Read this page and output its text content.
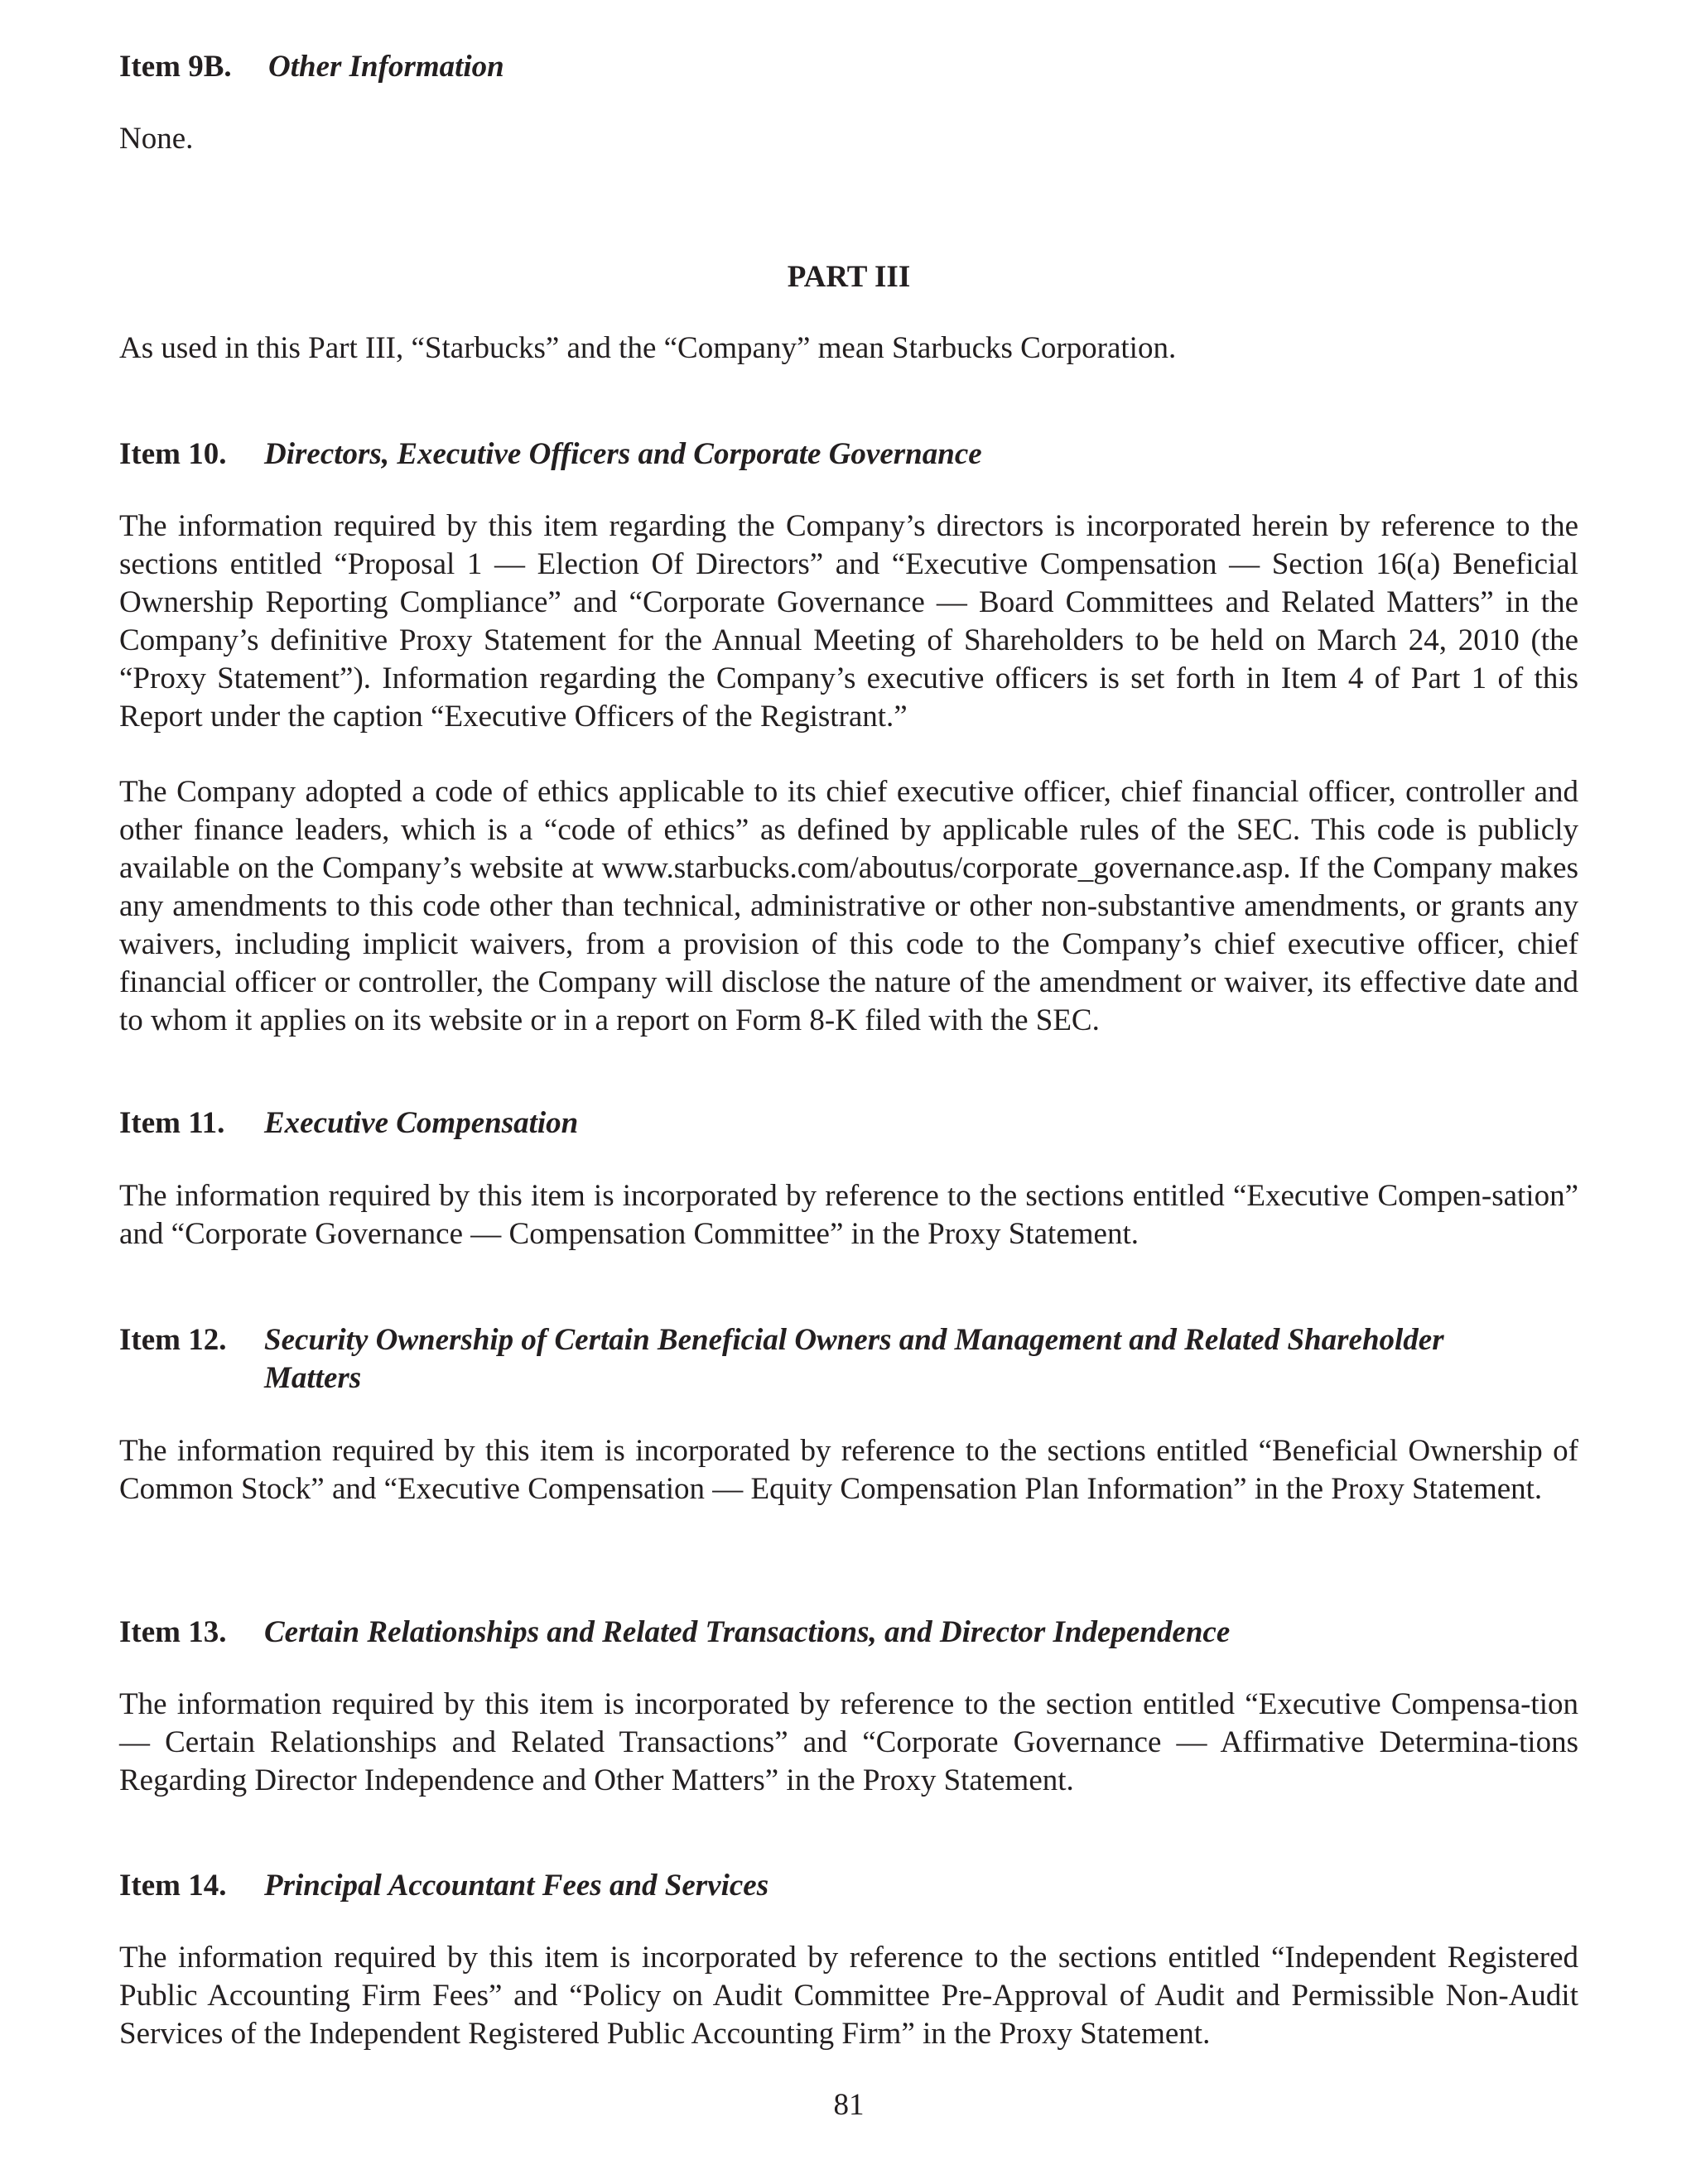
Item 9B.	Other Information

None.

PART III

As used in this Part III, “Starbucks” and the “Company” mean Starbucks Corporation.

Item 10.	Directors, Executive Officers and Corporate Governance

The information required by this item regarding the Company’s directors is incorporated herein by reference to the sections entitled “Proposal 1 — Election Of Directors” and “Executive Compensation — Section 16(a) Beneficial Ownership Reporting Compliance” and “Corporate Governance — Board Committees and Related Matters” in the Company’s definitive Proxy Statement for the Annual Meeting of Shareholders to be held on March 24, 2010 (the “Proxy Statement”). Information regarding the Company’s executive officers is set forth in Item 4 of Part 1 of this Report under the caption “Executive Officers of the Registrant.”

The Company adopted a code of ethics applicable to its chief executive officer, chief financial officer, controller and other finance leaders, which is a “code of ethics” as defined by applicable rules of the SEC. This code is publicly available on the Company’s website at www.starbucks.com/aboutus/corporate_governance.asp. If the Company makes any amendments to this code other than technical, administrative or other non-substantive amendments, or grants any waivers, including implicit waivers, from a provision of this code to the Company’s chief executive officer, chief financial officer or controller, the Company will disclose the nature of the amendment or waiver, its effective date and to whom it applies on its website or in a report on Form 8-K filed with the SEC.

Item 11.	Executive Compensation

The information required by this item is incorporated by reference to the sections entitled “Executive Compen-sation” and “Corporate Governance — Compensation Committee” in the Proxy Statement.

Item 12.	Security Ownership of Certain Beneficial Owners and Management and Related Shareholder Matters

The information required by this item is incorporated by reference to the sections entitled “Beneficial Ownership of Common Stock” and “Executive Compensation — Equity Compensation Plan Information” in the Proxy Statement.

Item 13.	Certain Relationships and Related Transactions, and Director Independence

The information required by this item is incorporated by reference to the section entitled “Executive Compensa-tion — Certain Relationships and Related Transactions” and “Corporate Governance — Affirmative Determina-tions Regarding Director Independence and Other Matters” in the Proxy Statement.

Item 14.	Principal Accountant Fees and Services

The information required by this item is incorporated by reference to the sections entitled “Independent Registered Public Accounting Firm Fees” and “Policy on Audit Committee Pre-Approval of Audit and Permissible Non-Audit Services of the Independent Registered Public Accounting Firm” in the Proxy Statement.

81
